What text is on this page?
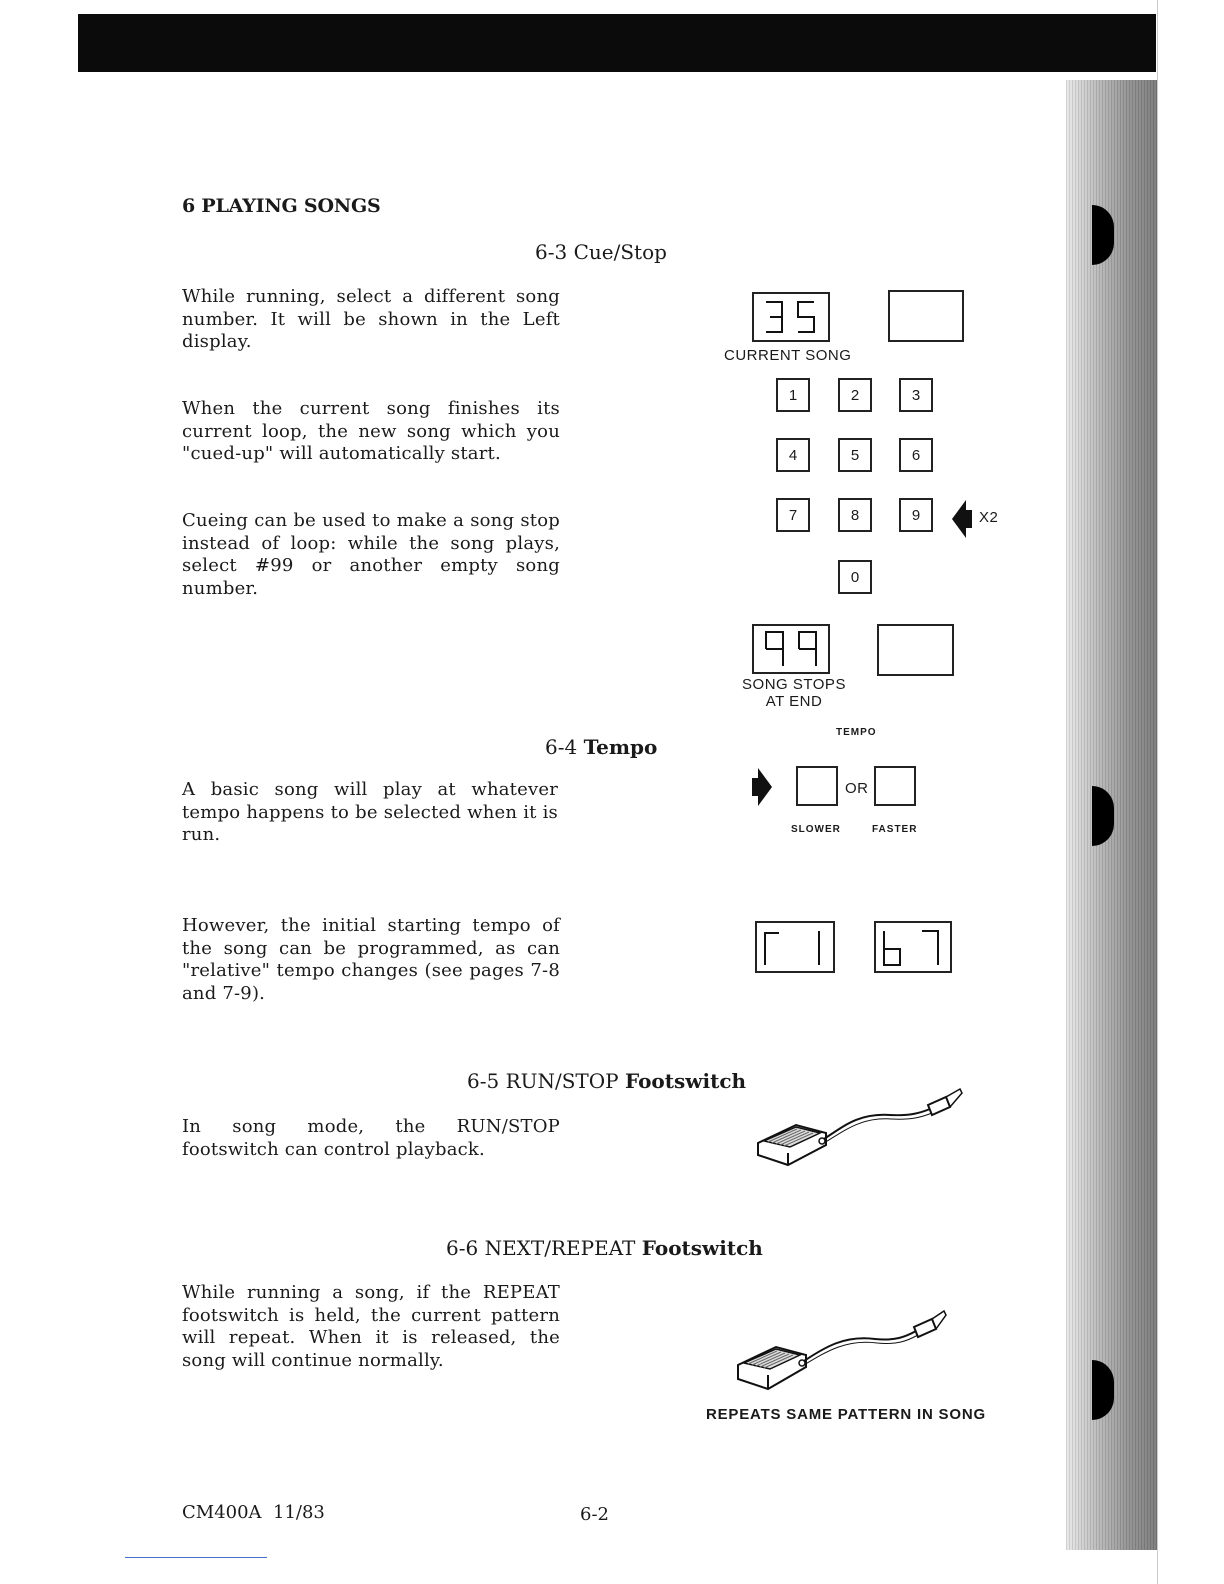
6 PLAYING SONGS
6-3 Cue/Stop
While running, select a different song number. It will be shown in the Left display.
When the current song finishes its current loop, the new song which you "cued-up" will automatically start.
Cueing can be used to make a song stop instead of loop: while the song plays, select #99 or another empty song number.
35
CURRENT SONG
1	2	3
4	5	6
7	8	9
0
X2
SONG STOPS
AT END
6-4 Tempo
A basic song will play at whatever tempo happens to be selected when it is run.
However, the initial starting tempo of the song can be programmed, as can "relative" tempo changes (see pages 7-8 and 7-9).
TEMPO
OR
SLOWER	FASTER
r 1	b 7
6-5 RUN/STOP Footswitch
In song mode, the RUN/STOP footswitch can control playback.
6-6 NEXT/REPEAT Footswitch
While running a song, if the REPEAT footswitch is held, the current pattern will repeat. When it is released, the song will continue normally.
REPEATS SAME PATTERN IN SONG
CM400A  11/83	6-2
